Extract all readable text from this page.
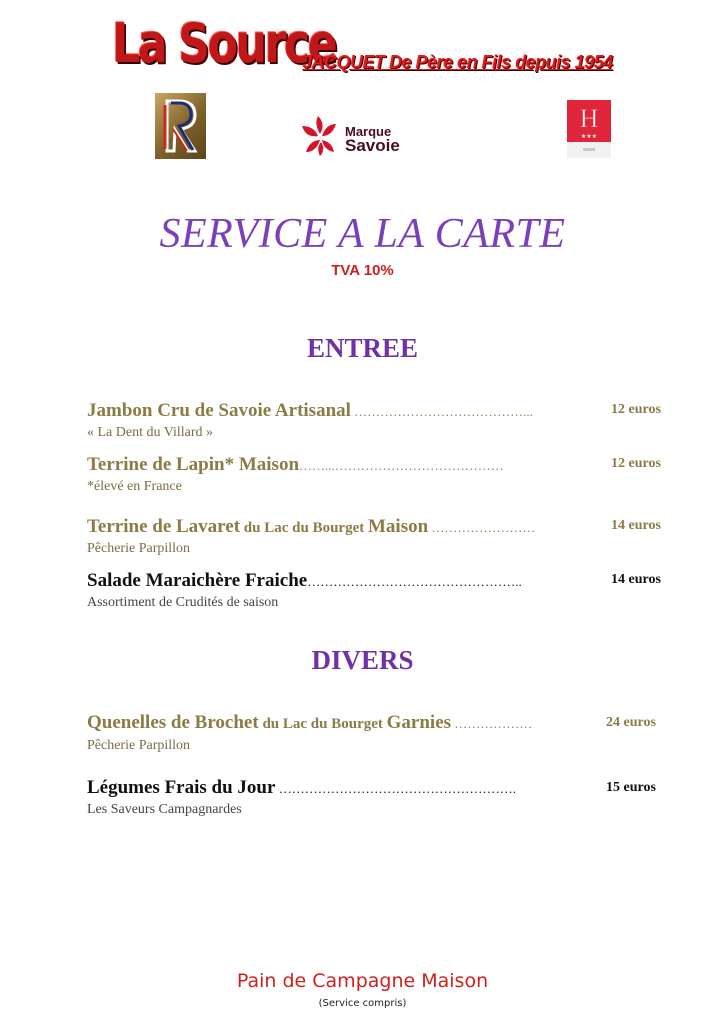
La Source
JACQUET De Père en Fils depuis 1954
Marque
Savoie
H
★★★
SERVICE A LA CARTE
TVA 10%
ENTREE
Jambon Cru de Savoie Artisanal …………………………………...
« La Dent du Villard »
12 euros
Terrine de Lapin* Maison……...…………………………………
*élevé en France
12 euros
Terrine de Lavaret du Lac du Bourget Maison ……………………
Pêcherie Parpillon
14 euros
Salade Maraichère Fraiche…………………………………………..
Assortiment de Crudités de saison
14 euros
DIVERS
Quenelles de Brochet du Lac du Bourget Garnies ………………
Pêcherie Parpillon
24 euros
Légumes Frais du Jour ……………………………………………….
Les Saveurs Campagnardes
15 euros
Pain de Campagne Maison
(Service compris)
